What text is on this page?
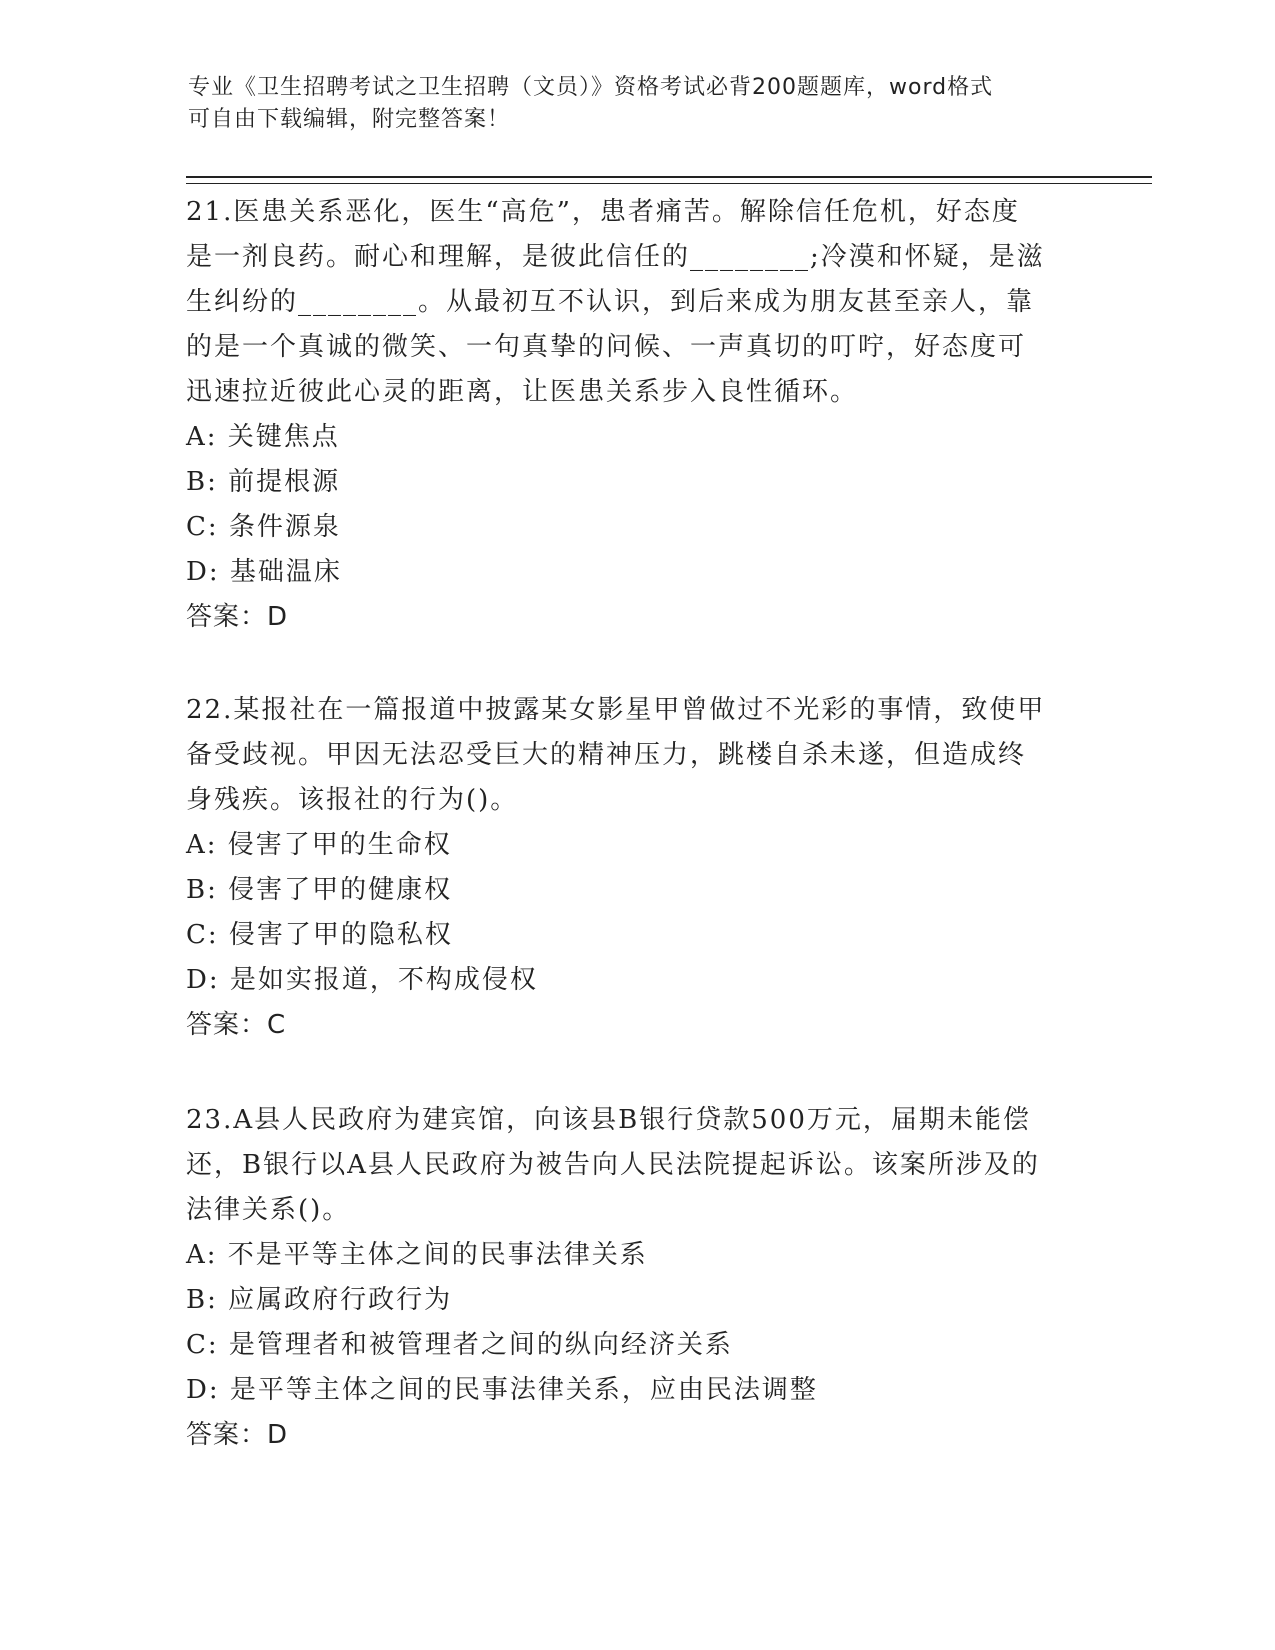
专业《卫生招聘考试之卫生招聘（文员）》资格考试必背200题题库，word格式
可自由下载编辑，附完整答案！

21.医患关系恶化，医生“高危”，患者痛苦。解除信任危机，好态度

是一剂良药。耐心和理解，是彼此信任的________;冷漠和怀疑，是滋

生纠纷的________。从最初互不认识，到后来成为朋友甚至亲人，靠

的是一个真诚的微笑、一句真挚的问候、一声真切的叮咛，好态度可

迅速拉近彼此心灵的距离，让医患关系步入良性循环。

A: 关键焦点

B: 前提根源

C: 条件源泉

D: 基础温床

答案：D

22.某报社在一篇报道中披露某女影星甲曾做过不光彩的事情，致使甲

备受歧视。甲因无法忍受巨大的精神压力，跳楼自杀未遂，但造成终

身残疾。该报社的行为()。

A: 侵害了甲的生命权

B: 侵害了甲的健康权

C: 侵害了甲的隐私权

D: 是如实报道，不构成侵权

答案：C

23.A县人民政府为建宾馆，向该县B银行贷款500万元，届期未能偿

还，B银行以A县人民政府为被告向人民法院提起诉讼。该案所涉及的

法律关系()。

A: 不是平等主体之间的民事法律关系

B: 应属政府行政行为

C: 是管理者和被管理者之间的纵向经济关系

D: 是平等主体之间的民事法律关系，应由民法调整

答案：D
